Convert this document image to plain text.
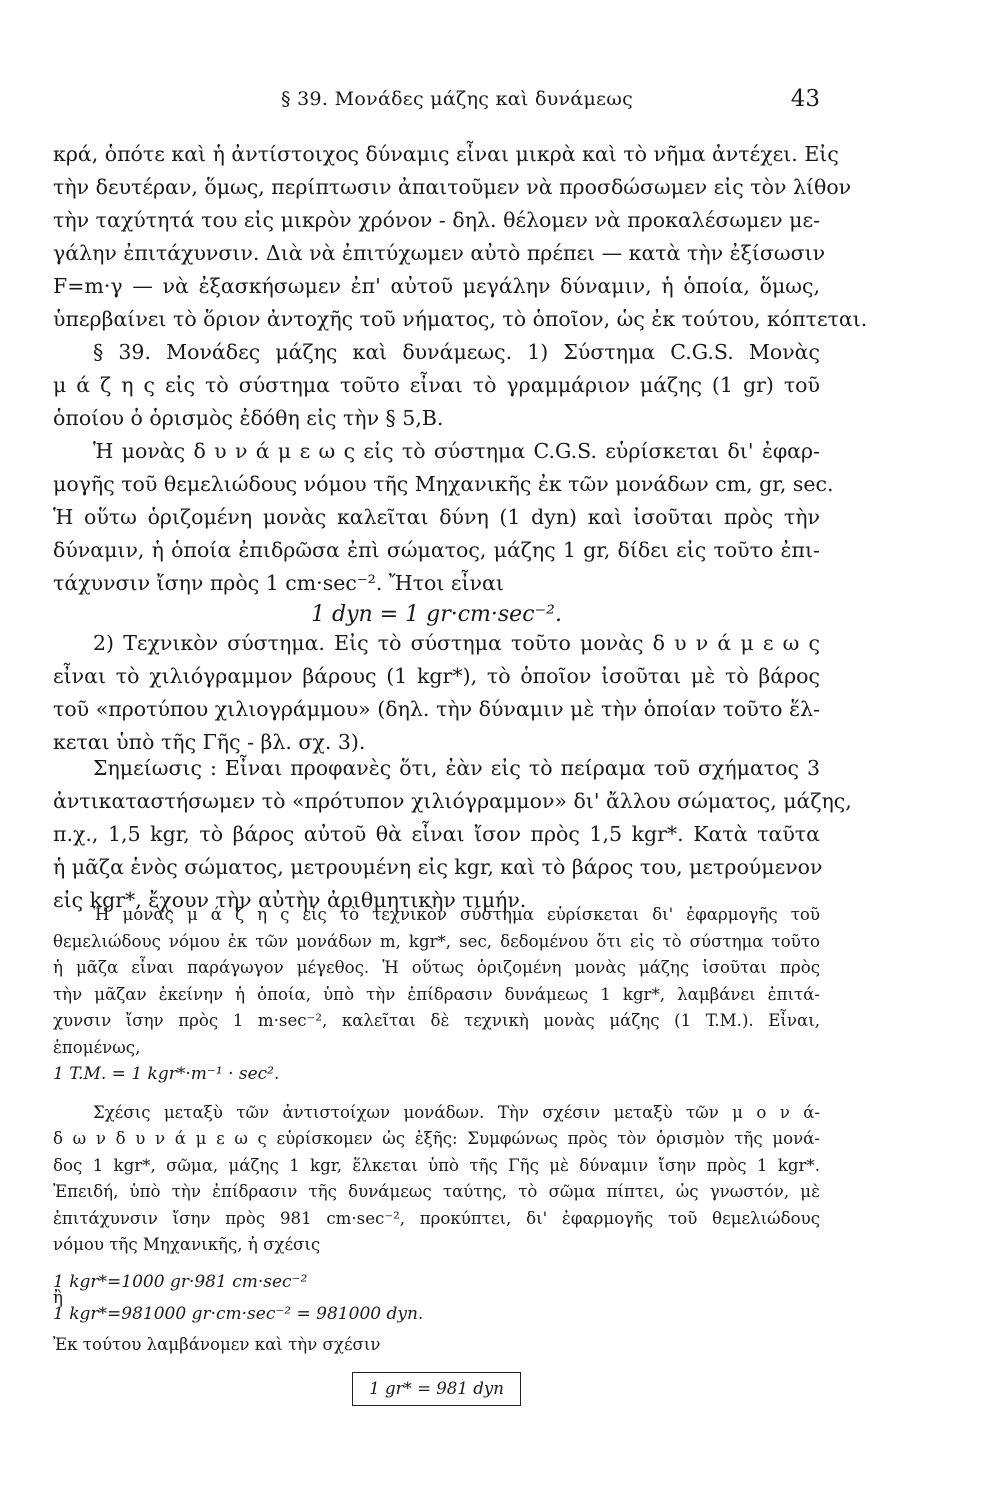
§ 39. Μονάδες μάζης καὶ δυνάμεως	43
κρά, ὁπότε καὶ ἡ ἀντίστοιχος δύναμις εἶναι μικρὰ καὶ τὸ νῆμα ἀντέχει. Εἰς
τὴν δευτέραν, ὅμως, περίπτωσιν ἀπαιτοῦμεν νὰ προσδώσωμεν εἰς τὸν λίθον
τὴν ταχύτητά του εἰς μικρὸν χρόνον - δηλ. θέλομεν νὰ προκαλέσωμεν με-
γάλην ἐπιτάχυνσιν. Διὰ νὰ ἐπιτύχωμεν αὐτὸ πρέπει — κατὰ τὴν ἐξίσωσιν
F=m·γ — νὰ ἐξασκήσωμεν ἐπ' αὐτοῦ μεγάλην δύναμιν, ἡ ὁποία, ὅμως,
ὑπερβαίνει τὸ ὅριον ἀντοχῆς τοῦ νήματος, τὸ ὁποῖον, ὡς ἐκ τούτου, κόπτεται.
§ 39. Μονάδες μάζης καὶ δυνάμεως. 1) Σύστημα C.G.S. Μονὰς
μ ά ζ η ς εἰς τὸ σύστημα τοῦτο εἶναι τὸ γραμμάριον μάζης (1 gr) τοῦ
ὁποίου ὁ ὁρισμὸς ἐδόθη εἰς τὴν § 5,B.
Ἡ μονὰς δ υ ν ά μ ε ω ς εἰς τὸ σύστημα C.G.S. εὑρίσκεται δι' ἐφαρ-
μογῆς τοῦ θεμελιώδους νόμου τῆς Μηχανικῆς ἐκ τῶν μονάδων cm, gr, sec.
Ἡ οὕτω ὁριζομένη μονὰς καλεῖται δύνη (1 dyn) καὶ ἰσοῦται πρὸς τὴν
δύναμιν, ἡ ὁποία ἐπιδρῶσα ἐπὶ σώματος, μάζης 1 gr, δίδει εἰς τοῦτο ἐπι-
τάχυνσιν ἴσην πρὸς 1 cm·sec⁻². Ἤτοι εἶναι
1 dyn = 1 gr·cm·sec⁻².
2) Τεχνικὸν σύστημα. Εἰς τὸ σύστημα τοῦτο μονὰς δ υ ν ά μ ε ω ς
εἶναι τὸ χιλιόγραμμον βάρους (1 kgr*), τὸ ὁποῖον ἰσοῦται μὲ τὸ βάρος
τοῦ «προτύπου χιλιογράμμου» (δηλ. τὴν δύναμιν μὲ τὴν ὁποίαν τοῦτο ἕλ-
κεται ὑπὸ τῆς Γῆς - βλ. σχ. 3).
Σημείωσις : Εἶναι προφανὲς ὅτι, ἐὰν εἰς τὸ πείραμα τοῦ σχήματος 3
ἀντικαταστήσωμεν τὸ «πρότυπον χιλιόγραμμον» δι' ἄλλου σώματος, μάζης,
π.χ., 1,5 kgr, τὸ βάρος αὐτοῦ θὰ εἶναι ἴσον πρὸς 1,5 kgr*. Κατὰ ταῦτα
ἡ μᾶζα ἑνὸς σώματος, μετρουμένη εἰς kgr, καὶ τὸ βάρος του, μετρούμενον
εἰς kgr*, ἔχουν τὴν αὐτὴν ἀριθμητικὴν τιμήν.
Ἡ μονὰς μ ά ζ η ς εἰς τὸ τεχνικὸν σύστημα εὑρίσκεται δι' ἐφαρμογῆς τοῦ
θεμελιώδους νόμου ἐκ τῶν μονάδων m, kgr*, sec, δεδομένου ὅτι εἰς τὸ σύστημα τοῦτο
ἡ μᾶζα εἶναι παράγωγον μέγεθος. Ἡ οὕτως ὁριζομένη μονὰς μάζης ἰσοῦται πρὸς
τὴν μᾶζαν ἐκείνην ἡ ὁποία, ὑπὸ τὴν ἐπίδρασιν δυνάμεως 1 kgr*, λαμβάνει ἐπιτά-
χυνσιν ἴσην πρὸς 1 m·sec⁻², καλεῖται δὲ τεχνικὴ μονὰς μάζης (1 T.M.). Εἶναι,
ἑπομένως,
1 T.M. = 1 kgr*·m⁻¹ · sec².
Σχέσις μεταξὺ τῶν ἀντιστοίχων μονάδων. Τὴν σχέσιν μεταξὺ τῶν μ ο ν ά-
δ ω ν δ υ ν ά μ ε ω ς εὑρίσκομεν ὡς ἑξῆς: Συμφώνως πρὸς τὸν ὁρισμὸν τῆς μονά-
δος 1 kgr*, σῶμα, μάζης 1 kgr, ἕλκεται ὑπὸ τῆς Γῆς μὲ δύναμιν ἴσην πρὸς 1 kgr*.
Ἐπειδή, ὑπὸ τὴν ἐπίδρασιν τῆς δυνάμεως ταύτης, τὸ σῶμα πίπτει, ὡς γνωστόν, μὲ
ἐπιτάχυνσιν ἴσην πρὸς 981 cm·sec⁻², προκύπτει, δι' ἐφαρμογῆς τοῦ θεμελιώδους
νόμου τῆς Μηχανικῆς, ἡ σχέσις
1 kgr*=1000 gr·981 cm·sec⁻²
ἢ
1 kgr*=981000 gr·cm·sec⁻² = 981000 dyn.
Ἐκ τούτου λαμβάνομεν καὶ τὴν σχέσιν
1 gr* = 981 dyn
